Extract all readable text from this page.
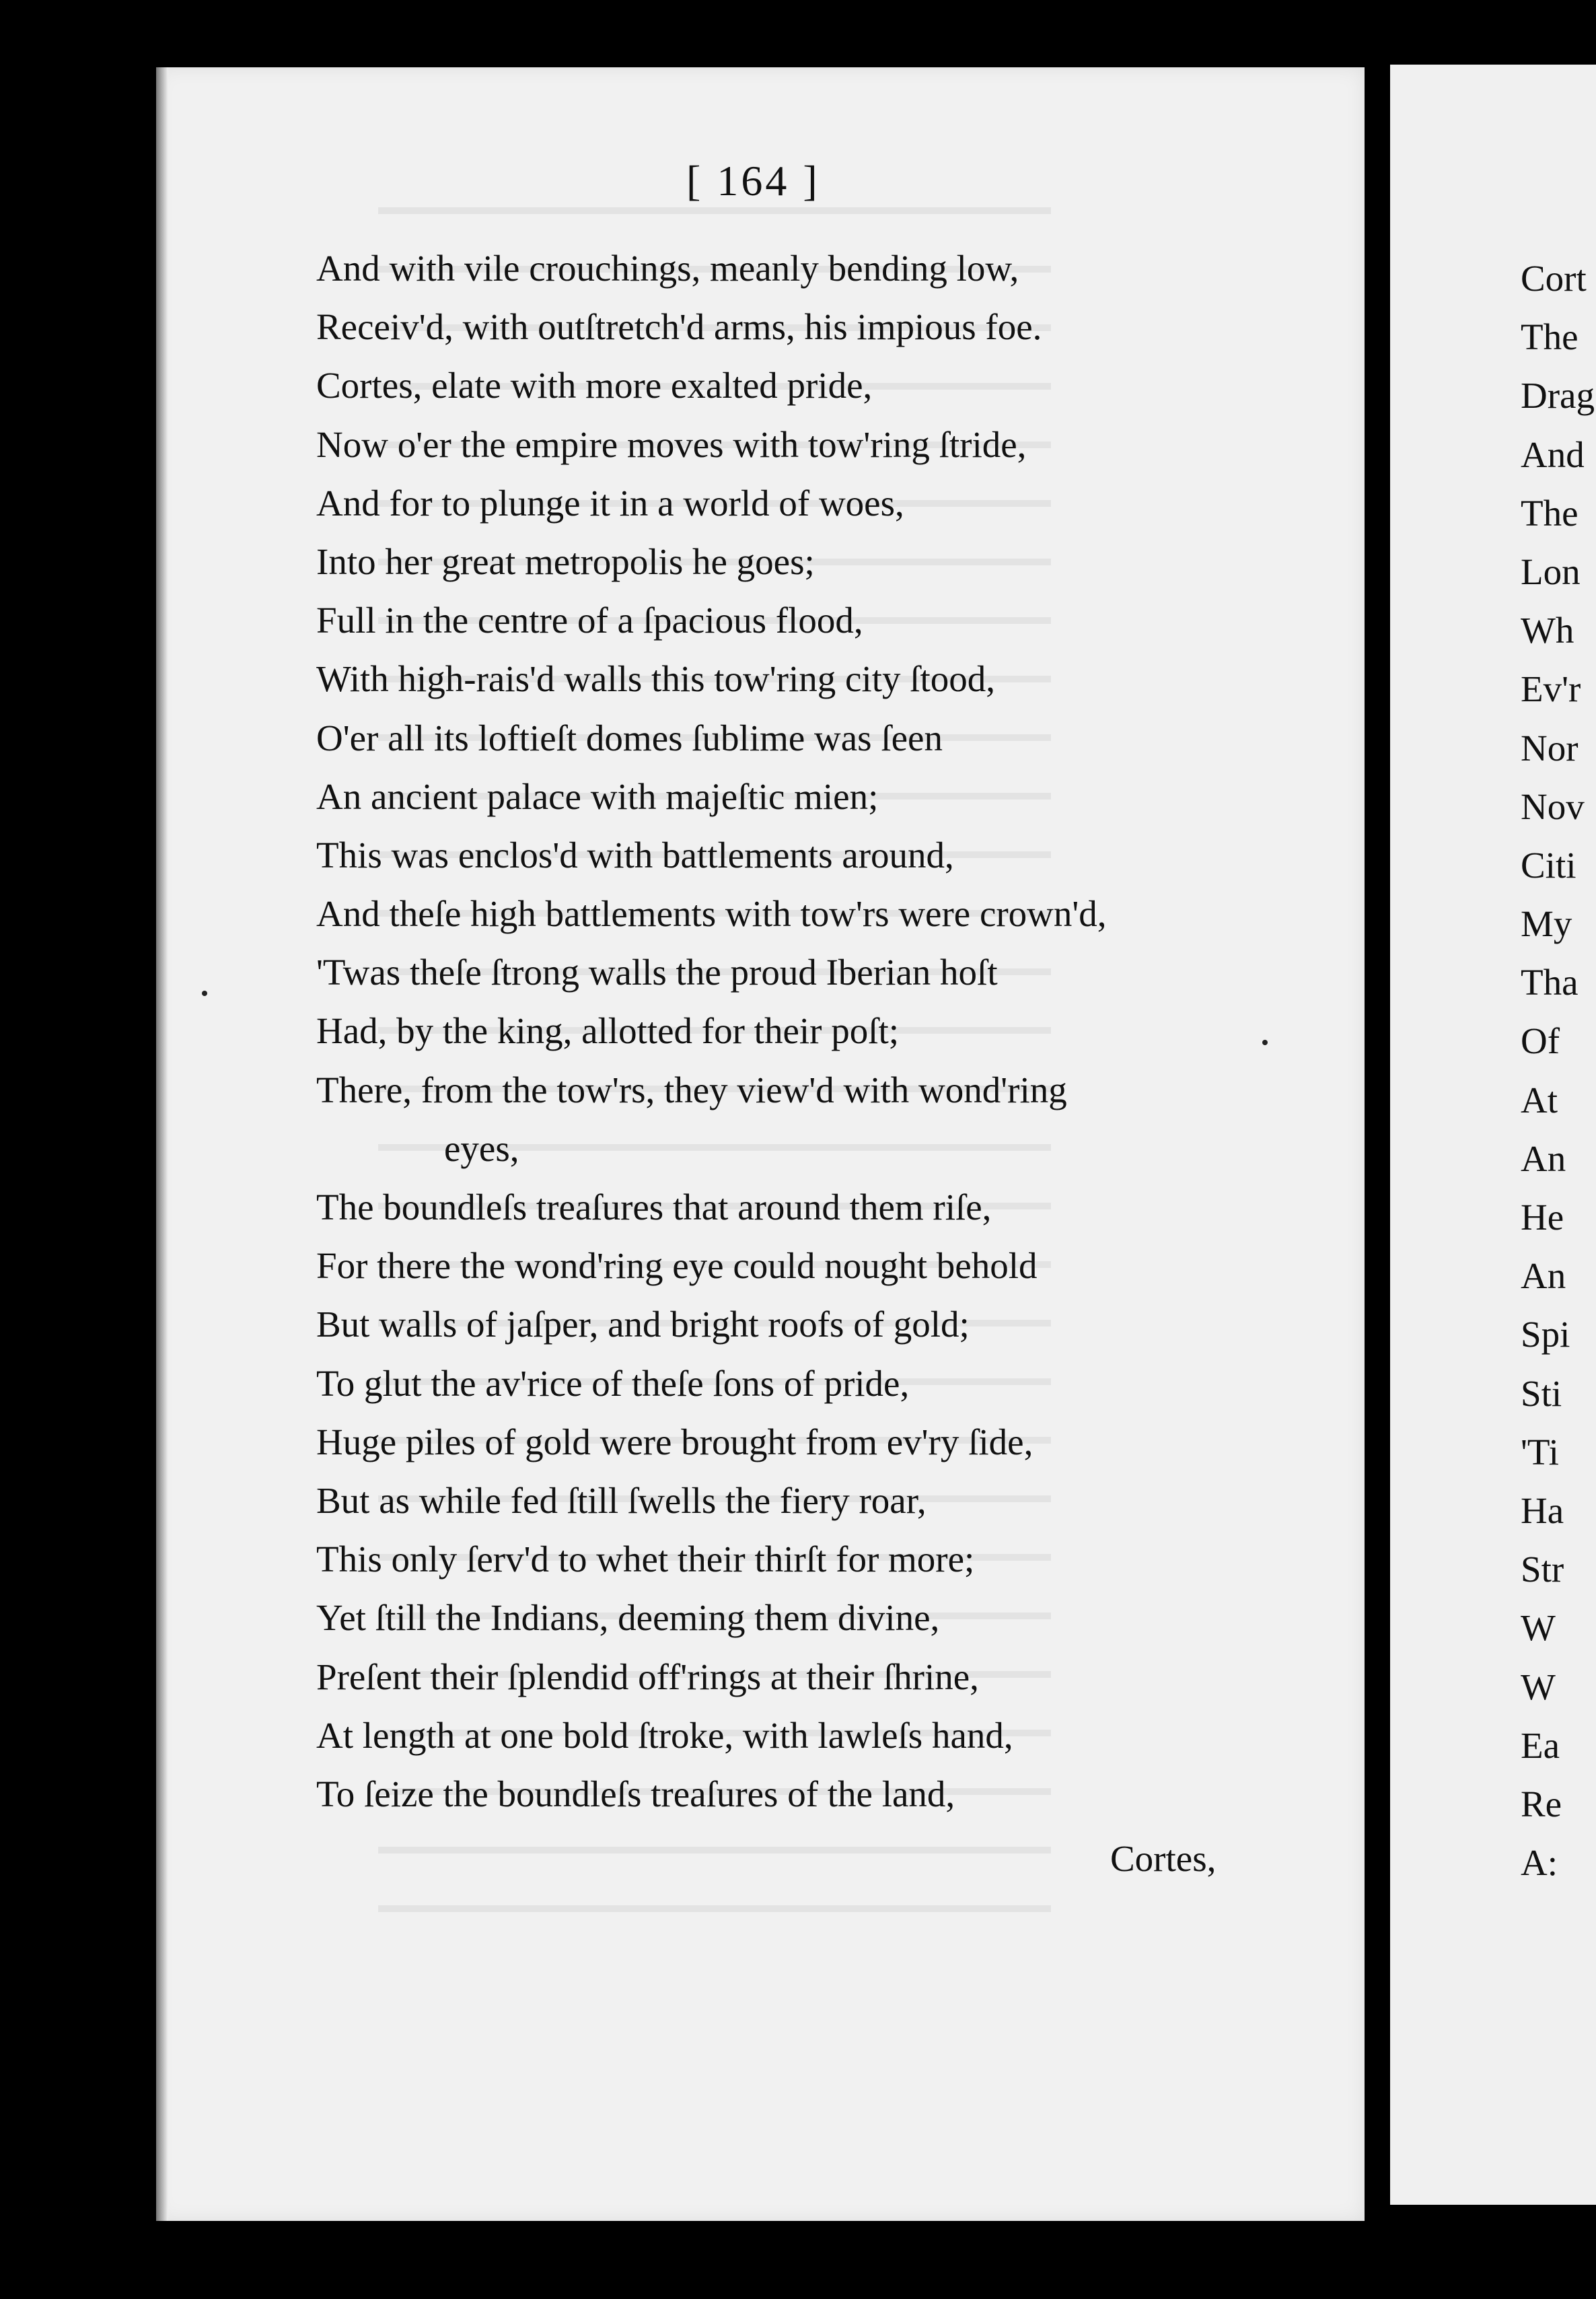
[ 164 ]
And with vile crouchings, meanly bending low,
Receiv'd, with outſtretch'd arms, his impious foe.
Cortes, elate with more exalted pride,
Now o'er the empire moves with tow'ring ſtride,
And for to plunge it in a world of woes,
Into her great metropolis he goes;
Full in the centre of a ſpacious flood,
With high-rais'd walls this tow'ring city ſtood,
O'er all its loftieſt domes ſublime was ſeen
An ancient palace with majeſtic mien;
This was enclos'd with battlements around,
And theſe high battlements with tow'rs were crown'd,
'Twas theſe ſtrong walls the proud Iberian hoſt
Had, by the king, allotted for their poſt;
There, from the tow'rs, they view'd with wond'ring
eyes,
The boundleſs treaſures that around them riſe,
For there the wond'ring eye could nought behold
But walls of jaſper, and bright roofs of gold;
To glut the av'rice of theſe ſons of pride,
Huge piles of gold were brought from ev'ry ſide,
But as while fed ſtill ſwells the fiery roar,
This only ſerv'd to whet their thirſt for more;
Yet ſtill the Indians, deeming them divine,
Preſent their ſplendid off'rings at their ſhrine,
At length at one bold ſtroke, with lawleſs hand,
To ſeize the boundleſs treaſures of the land,
Cortes,
Cort
The
Drag
And
The
Lon
Wh
Ev'r
Nor
Nov
Citi
My
Tha
Of
At
An
He
An
Spi
Sti
'Ti
Ha
Str
W
W
Ea
Re
A:
